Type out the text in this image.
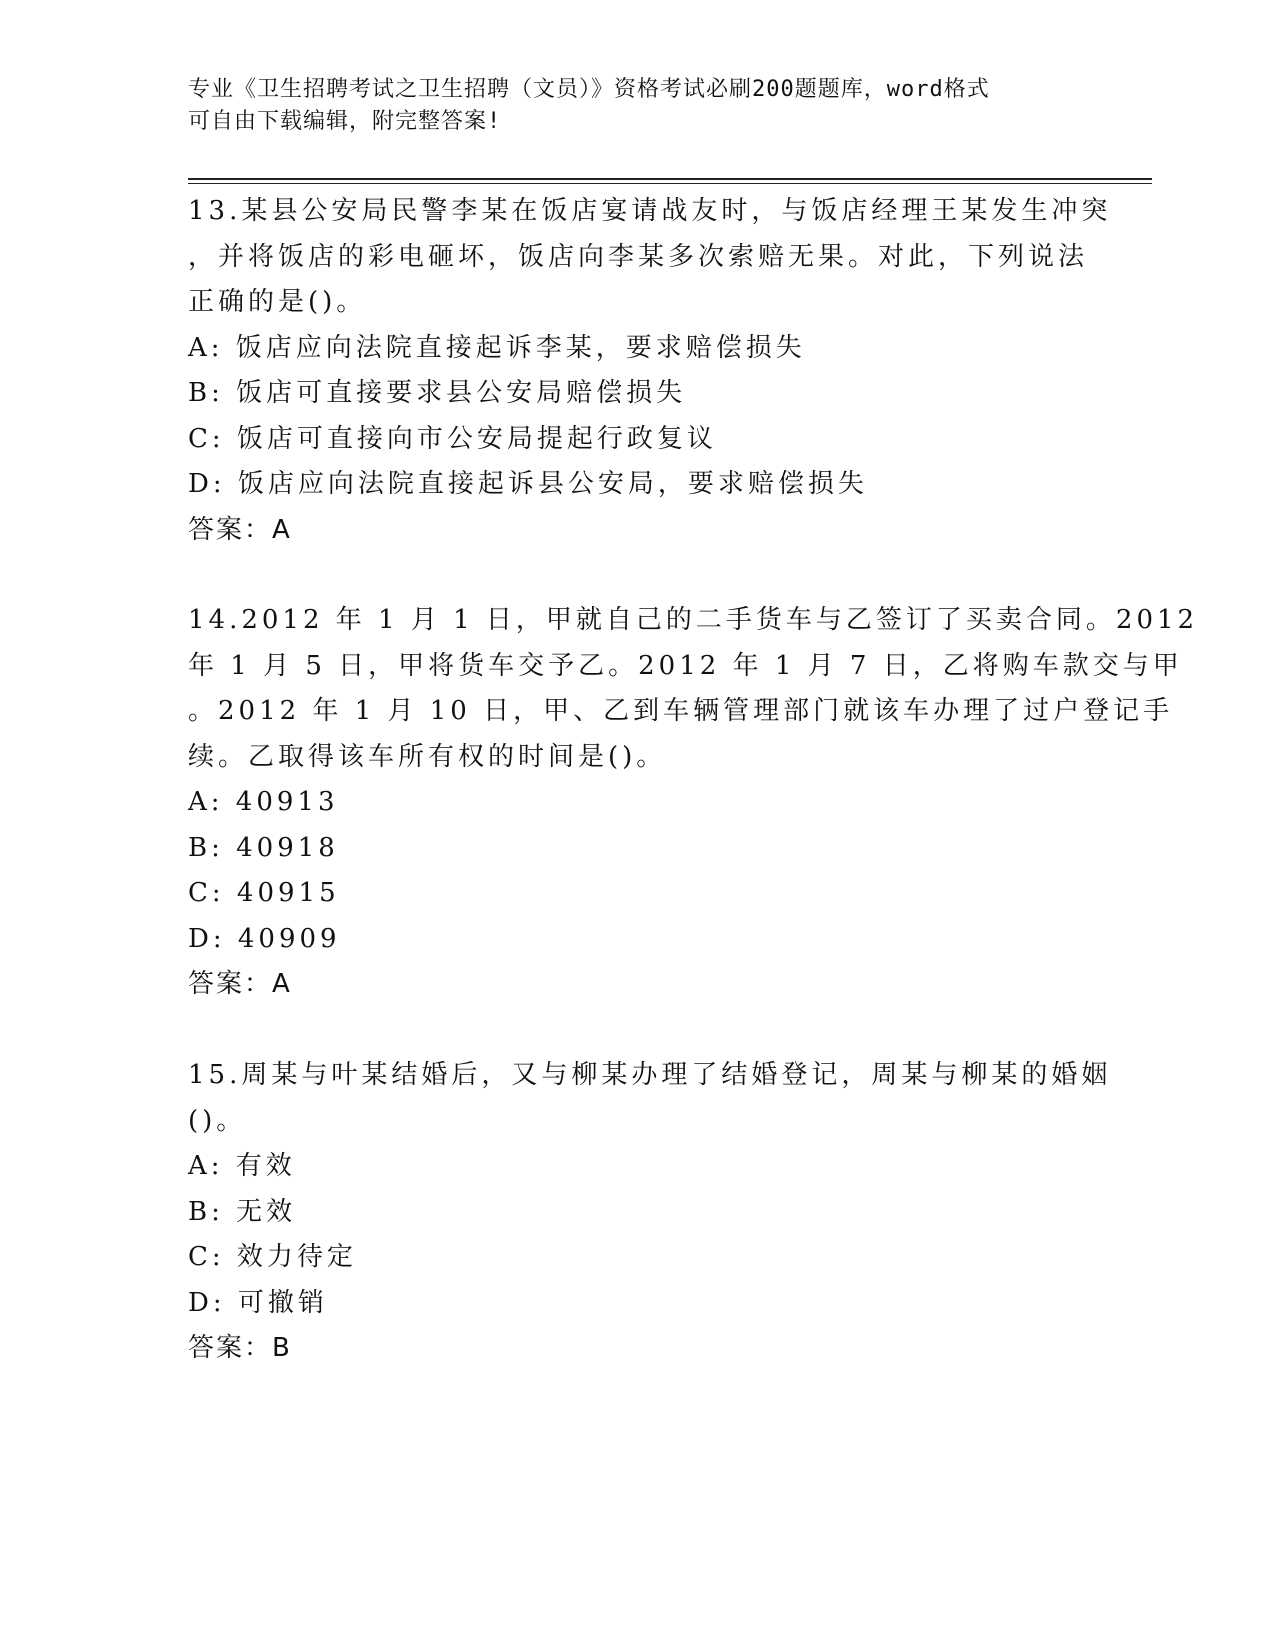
专业《卫生招聘考试之卫生招聘（文员）》资格考试必刷200题题库，word格式
可自由下载编辑，附完整答案!
13.某县公安局民警李某在饭店宴请战友时，与饭店经理王某发生冲突
，并将饭店的彩电砸坏，饭店向李某多次索赔无果。对此，下列说法
正确的是()。
A: 饭店应向法院直接起诉李某，要求赔偿损失
B: 饭店可直接要求县公安局赔偿损失
C: 饭店可直接向市公安局提起行政复议
D: 饭店应向法院直接起诉县公安局，要求赔偿损失
答案：A
14.2012 年 1 月 1 日，甲就自己的二手货车与乙签订了买卖合同。2012
年 1 月 5 日，甲将货车交予乙。2012 年 1 月 7 日，乙将购车款交与甲
。2012 年 1 月 10 日，甲、乙到车辆管理部门就该车办理了过户登记手
续。乙取得该车所有权的时间是()。
A: 40913
B: 40918
C: 40915
D: 40909
答案：A
15.周某与叶某结婚后，又与柳某办理了结婚登记，周某与柳某的婚姻
()。
A: 有效
B: 无效
C: 效力待定
D: 可撤销
答案：B
